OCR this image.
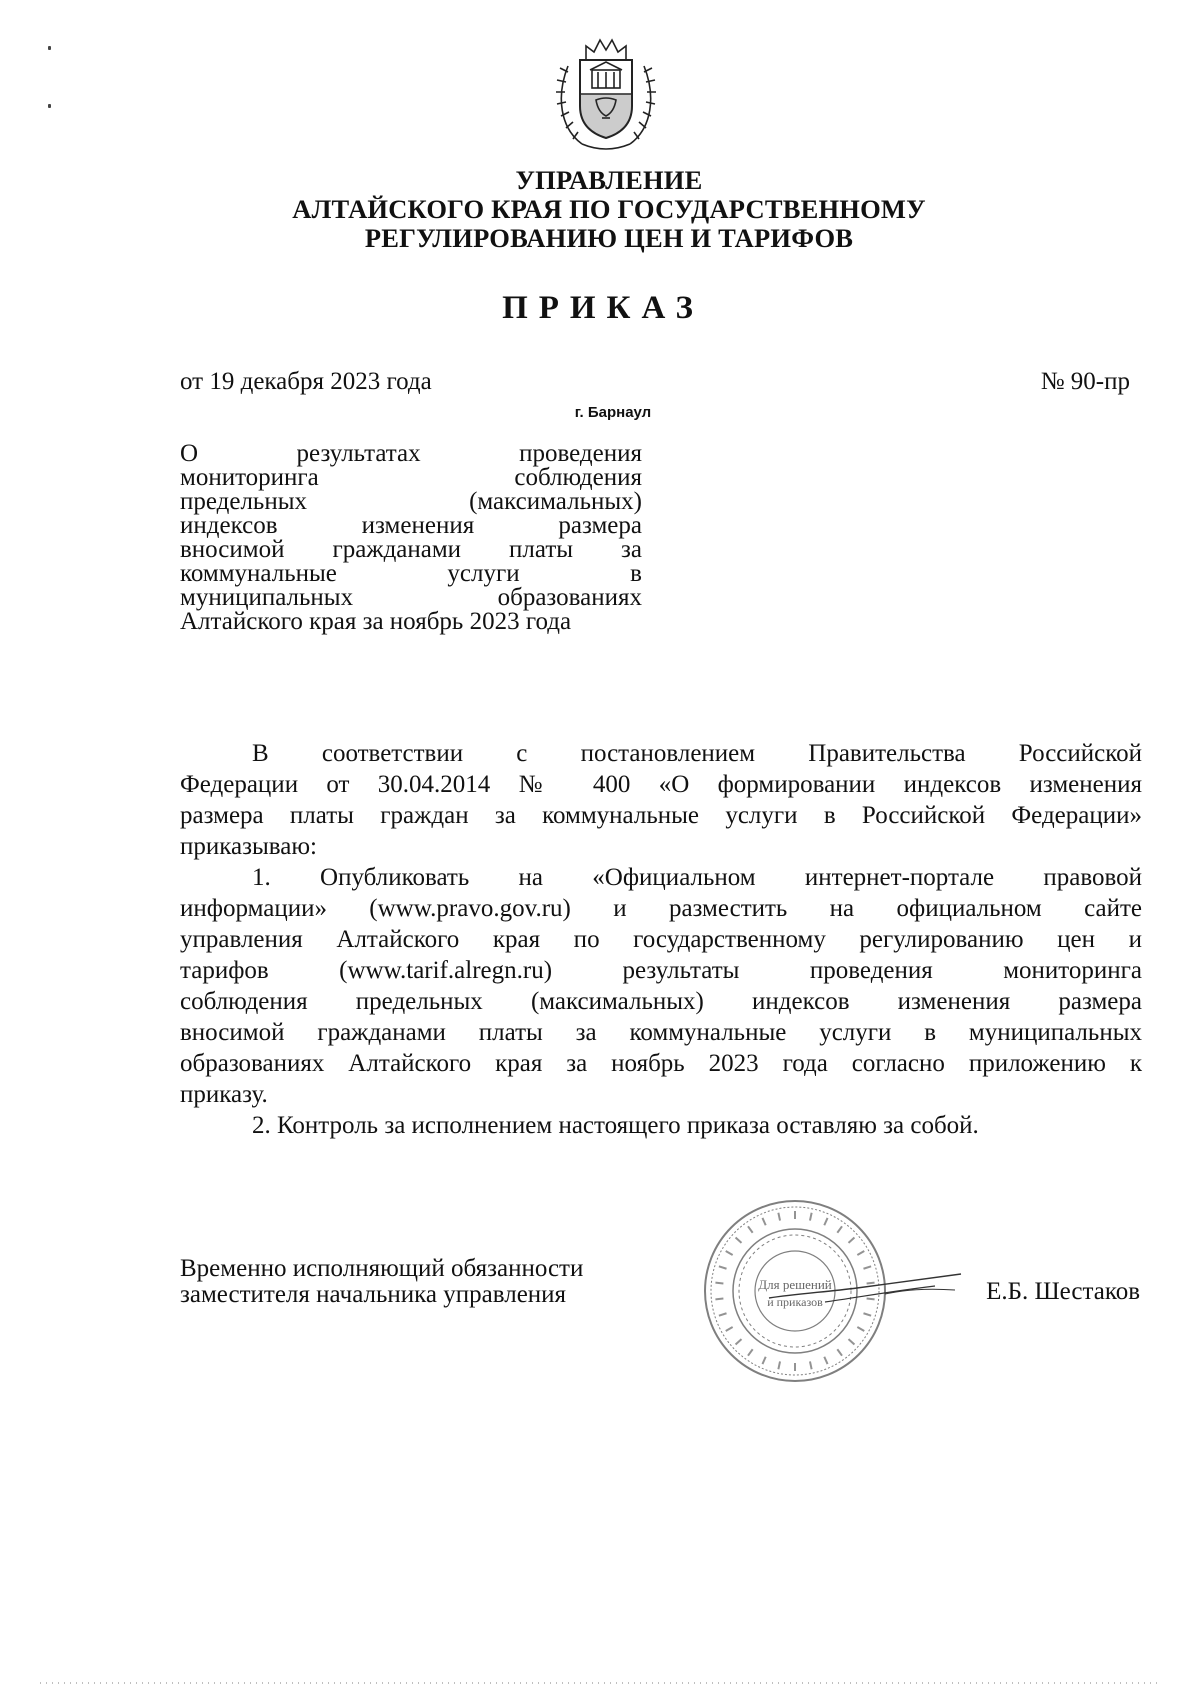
УПРАВЛЕНИЕ
АЛТАЙСКОГО КРАЯ ПО ГОСУДАРСТВЕННОМУ
РЕГУЛИРОВАНИЮ ЦЕН И ТАРИФОВ
ПРИКАЗ
от 19 декабря 2023 года	№ 90-пр
г. Барнаул
О результатах проведения
мониторинга соблюдения
предельных (максимальных)
индексов изменения размера
вносимой гражданами платы за
коммунальные услуги в
муниципальных образованиях
Алтайского края за ноябрь 2023 года
В соответствии с постановлением Правительства Российской
Федерации от 30.04.2014 № 400 «О формировании индексов изменения
размера платы граждан за коммунальные услуги в Российской Федерации»
приказываю:
1. Опубликовать на «Официальном интернет-портале правовой
информации» (www.pravo.gov.ru) и разместить на официальном сайте
управления Алтайского края по государственному регулированию цен и
тарифов (www.tarif.alregn.ru) результаты проведения мониторинга
соблюдения предельных (максимальных) индексов изменения размера
вносимой гражданами платы за коммунальные услуги в муниципальных
образованиях Алтайского края за ноябрь 2023 года согласно приложению к
приказу.
2. Контроль за исполнением настоящего приказа оставляю за собой.
Временно исполняющий обязанности
заместителя начальника управления	Для решений
и приказов	Е.Б. Шестаков
